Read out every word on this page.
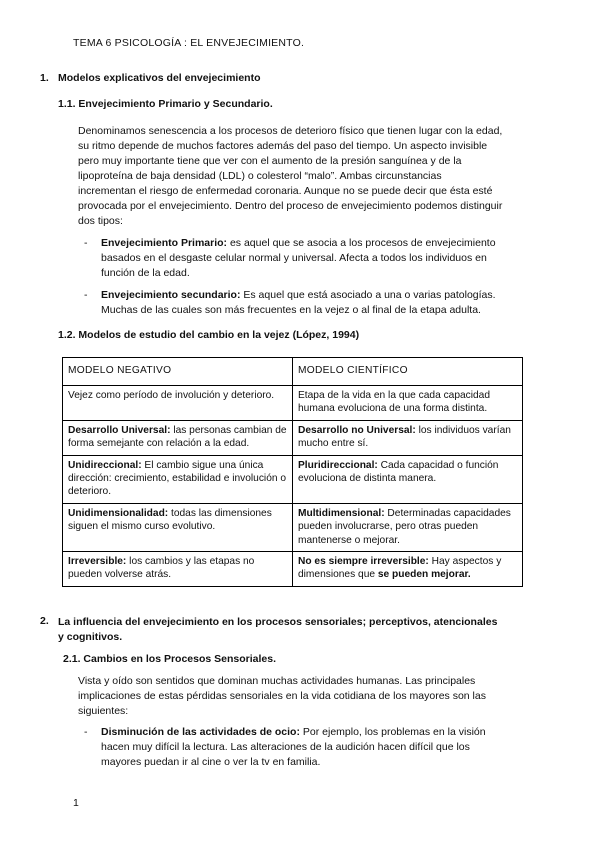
TEMA 6 PSICOLOGÍA : EL ENVEJECIMIENTO.
1. Modelos explicativos del envejecimiento
1.1. Envejecimiento Primario y Secundario.
Denominamos senescencia a los procesos de deterioro físico que tienen lugar con la edad,
su ritmo depende de muchos factores además del paso del tiempo. Un aspecto invisible
pero muy importante tiene que ver con el aumento de la presión sanguínea y de la
lipoproteína de baja densidad (LDL) o colesterol “malo”. Ambas circunstancias
incrementan el riesgo de enfermedad coronaria. Aunque no se puede decir que ésta esté
provocada por el envejecimiento. Dentro del proceso de envejecimiento podemos distinguir
dos tipos:
- Envejecimiento Primario: es aquel que se asocia a los procesos de envejecimiento
basados en el desgaste celular normal y universal. Afecta a todos los individuos en
función de la edad.
- Envejecimiento secundario: Es aquel que está asociado a una o varias patologías.
Muchas de las cuales son más frecuentes en la vejez o al final de la etapa adulta.
1.2. Modelos de estudio del cambio en la vejez (López, 1994)
MODELO NEGATIVO	MODELO CIENTÍFICO
Vejez como período de involución y deterioro.	Etapa de la vida en la que cada capacidad humana evoluciona de una forma distinta.
Desarrollo Universal: las personas cambian de forma semejante con relación a la edad.	Desarrollo no Universal: los individuos varían mucho entre sí.
Unidireccional: El cambio sigue una única dirección: crecimiento, estabilidad e involución o deterioro.	Pluridireccional: Cada capacidad o función evoluciona de distinta manera.
Unidimensionalidad: todas las dimensiones siguen el mismo curso evolutivo.	Multidimensional: Determinadas capacidades pueden involucrarse, pero otras pueden mantenerse o mejorar.
Irreversible: los cambios y las etapas no pueden volverse atrás.	No es siempre irreversible: Hay aspectos y dimensiones que se pueden mejorar.
2. La influencia del envejecimiento en los procesos sensoriales; perceptivos, atencionales
y cognitivos.
2.1. Cambios en los Procesos Sensoriales.
Vista y oído son sentidos que dominan muchas actividades humanas. Las principales
implicaciones de estas pérdidas sensoriales en la vida cotidiana de los mayores son las
siguientes:
- Disminución de las actividades de ocio: Por ejemplo, los problemas en la visión
hacen muy difícil la lectura. Las alteraciones de la audición hacen difícil que los
mayores puedan ir al cine o ver la tv en familia.
1
